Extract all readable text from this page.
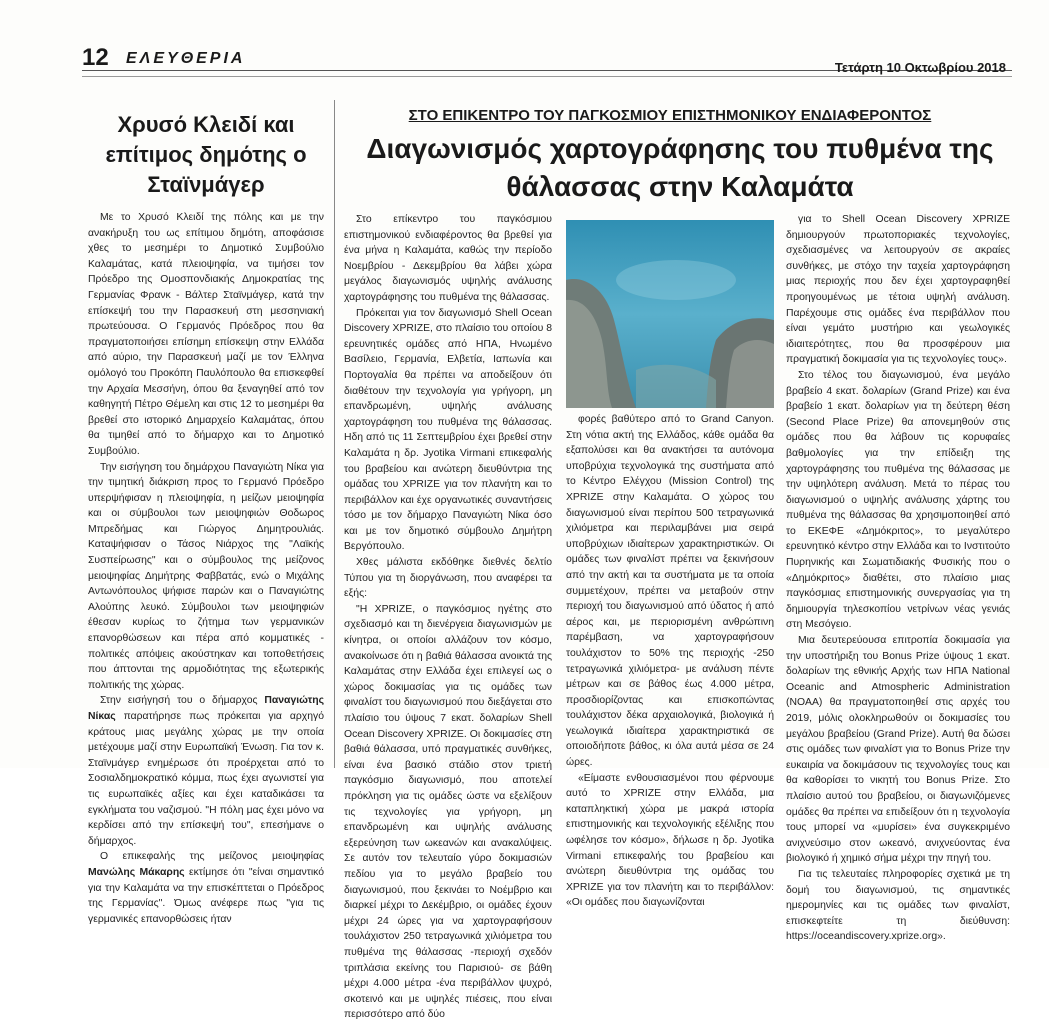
12 ΕΛΕΥΘΕΡΙΑ
Τετάρτη 10 Οκτωβρίου 2018
Χρυσό Κλειδί και επίτιμος δημότης ο Σταϊνμάγερ

Με το Χρυσό Κλειδί της πόλης και με την ανακήρυξη του ως επίτιμου δημότη, αποφάσισε χθες το μεσημέρι το Δημοτικό Συμβούλιο Καλαμάτας, κατά πλειοψηφία, να τιμήσει τον Πρόεδρο της Ομοσπονδιακής Δημοκρατίας της Γερμανίας Φρανκ - Βάλτερ Σταϊνμάγερ, κατά την επίσκεψή του την Παρασκευή στη μεσσηνιακή πρωτεύουσα. Ο Γερμανός Πρόεδρος που θα πραγματοποιήσει επίσημη επίσκεψη στην Ελλάδα από αύριο, την Παρασκευή μαζί με τον Έλληνα ομόλογό του Προκόπη Παυλόπουλο θα επισκεφθεί την Αρχαία Μεσσήνη, όπου θα ξεναγηθεί από τον καθηγητή Πέτρο Θέμελη και στις 12 το μεσημέρι θα βρεθεί στο ιστορικό Δημαρχείο Καλαμάτας, όπου θα τιμηθεί από το δήμαρχο και το Δημοτικό Συμβούλιο.

Την εισήγηση του δημάρχου Παναγιώτη Νίκα για την τιμητική διάκριση προς το Γερμανό Πρόεδρο υπερψήφισαν η πλειοψηφία, η μείζων μειοψηφία και οι σύμβουλοι των μειοψηφιών Θοδωρος Μπρεδήμας και Γιώργος Δημητρουλιάς. Καταψήφισαν ο Τάσος Νιάρχος της "Λαϊκής Συσπείρωσης" και ο σύμβουλος της μείζονος μειοψηφίας Δημήτρης Φαββατάς, ενώ ο Μιχάλης Αντωνόπουλος ψήφισε παρών και ο Παναγιώτης Αλούπης λευκό. Σύμβουλοι των μειοψηφιών έθεσαν κυρίως το ζήτημα των γερμανικών επανορθώσεων και πέρα από κομματικές - πολιτικές απόψεις ακούστηκαν και τοποθετήσεις που άπτονται της αρμοδιότητας της εξωτερικής πολιτικής της χώρας.

Στην εισήγησή του ο δήμαρχος Παναγιώτης Νίκας παρατήρησε πως πρόκειται για αρχηγό κράτους μιας μεγάλης χώρας με την οποία μετέχουμε μαζί στην Ευρωπαϊκή Ένωση. Για τον κ. Σταϊνμάγερ ενημέρωσε ότι προέρχεται από το Σοσιαλδημοκρατικό κόμμα, πως έχει αγωνιστεί για τις ευρωπαϊκές αξίες και έχει καταδικάσει τα εγκλήματα του ναζισμού. "Η πόλη μας έχει μόνο να κερδίσει από την επίσκεψή του", επεσήμανε ο δήμαρχος.

Ο επικεφαλής της μείζονος μειοψηφίας Μανώλης Μάκαρης εκτίμησε ότι "είναι σημαντικό για την Καλαμάτα να την επισκέπτεται ο Πρόεδρος της Γερμανίας". Όμως ανέφερε πως "για τις γερμανικές επανορθώσεις ήταν

ΣΤΟ ΕΠΙΚΕΝΤΡΟ ΤΟΥ ΠΑΓΚΟΣΜΙΟΥ ΕΠΙΣΤΗΜΟΝΙΚΟΥ ΕΝΔΙΑΦΕΡΟΝΤΟΣ
Διαγωνισμός χαρτογράφησης του πυθμένα της θάλασσας στην Καλαμάτα

Στο επίκεντρο του παγκόσμιου επιστημονικού ενδιαφέροντος θα βρεθεί για ένα μήνα η Καλαμάτα, καθώς την περίοδο Νοεμβρίου - Δεκεμβρίου θα λάβει χώρα μεγάλος διαγωνισμός υψηλής ανάλυσης χαρτογράφησης του πυθμένα της θάλασσας.

Πρόκειται για τον διαγωνισμό Shell Ocean Discovery XPRIZE, στο πλαίσιο του οποίου 8 ερευνητικές ομάδες από ΗΠΑ, Ηνωμένο Βασίλειο, Γερμανία, Ελβετία, Ιαπωνία και Πορτογαλία θα πρέπει να αποδείξουν ότι διαθέτουν την τεχνολογία για γρήγορη, μη επανδρωμένη, υψηλής ανάλυσης χαρτογράφηση του πυθμένα της θάλασσας. Ηδη από τις 11 Σεπτεμβρίου έχει βρεθεί στην Καλαμάτα η δρ. Jyotika Virmani επικεφαλής του βραβείου και ανώτερη διευθύντρια της ομάδας του XPRIZE για τον πλανήτη και το περιβάλλον και έχε οργανωτικές συναντήσεις τόσο με τον δήμαρχο Παναγιώτη Νίκα όσο και με τον δημοτικό σύμβουλο Δημήτρη Βεργόπουλο.

Χθες μάλιστα εκδόθηκε διεθνές δελτίο Τύπου για τη διοργάνωση, που αναφέρει τα εξής:

"Η XPRIZE, ο παγκόσμιος ηγέτης στο σχεδιασμό και τη διενέργεια διαγωνισμών με κίνητρα, οι οποίοι αλλάζουν τον κόσμο, ανακοίνωσε ότι η βαθιά θάλασσα ανοικτά της Καλαμάτας στην Ελλάδα έχει επιλεγεί ως ο χώρος δοκιμασίας για τις ομάδες των φιναλίστ του διαγωνισμού που διεξάγεται στο πλαίσιο του ύψους 7 εκατ. δολαρίων Shell Ocean Discovery XPRIZE. Οι δοκιμασίες στη βαθιά θάλασσα, υπό πραγματικές συνθήκες, είναι ένα βασικό στάδιο στον τριετή παγκόσμιο διαγωνισμό, που αποτελεί πρόκληση για τις ομάδες ώστε να εξελίξουν τις τεχνολογίες για γρήγορη, μη επανδρωμένη και υψηλής ανάλυσης εξερεύνηση των ωκεανών και ανακαλύψεις. Σε αυτόν τον τελευταίο γύρο δοκιμασιών πεδίου για το μεγάλο βραβείο του διαγωνισμού, που ξεκινάει το Νοέμβριο και διαρκεί μέχρι το Δεκέμβριο, οι ομάδες έχουν μέχρι 24 ώρες για να χαρτογραφήσουν τουλάχιστον 250 τετραγωνικά χιλιόμετρα του πυθμένα της θάλασσας -περιοχή σχεδόν τριπλάσια εκείνης του Παρισιού- σε βάθη μέχρι 4.000 μέτρα -ένα περιβάλλον ψυχρό, σκοτεινό και με υψηλές πιέσεις, που είναι περισσότερο από δύο

φορές βαθύτερο από το Grand Canyon. Στη νότια ακτή της Ελλάδος, κάθε ομάδα θα εξαπολύσει και θα ανακτήσει τα αυτόνομα υποβρύχια τεχνολογικά της συστήματα από το Κέντρο Ελέγχου (Mission Control) της XPRIZE στην Καλαμάτα. Ο χώρος του διαγωνισμού είναι περίπου 500 τετραγωνικά χιλιόμετρα και περιλαμβάνει μια σειρά υποβρύχιων ιδιαίτερων χαρακτηριστικών. Οι ομάδες των φιναλίστ πρέπει να ξεκινήσουν από την ακτή και τα συστήματα με τα οποία συμμετέχουν, πρέπει να μεταβούν στην περιοχή του διαγωνισμού από ύδατος ή από αέρος και, με περιορισμένη ανθρώπινη παρέμβαση, να χαρτογραφήσουν τουλάχιστον το 50% της περιοχής -250 τετραγωνικά χιλιόμετρα- με ανάλυση πέντε μέτρων και σε βάθος έως 4.000 μέτρα, προσδιορίζοντας και επισκοπώντας τουλάχιστον δέκα αρχαιολογικά, βιολογικά ή γεωλογικά ιδιαίτερα χαρακτηριστικά σε οποιοδήποτε βάθος, κι όλα αυτά μέσα σε 24 ώρες.

«Είμαστε ενθουσιασμένοι που φέρνουμε αυτό το XPRIZE στην Ελλάδα, μια καταπληκτική χώρα με μακρά ιστορία επιστημονικής και τεχνολογικής εξέλιξης που ωφέλησε τον κόσμο», δήλωσε η δρ. Jyotika Virmani επικεφαλής του βραβείου και ανώτερη διευθύντρια της ομάδας του XPRIZE για τον πλανήτη και το περιβάλλον: «Οι ομάδες που διαγωνίζονται

για το Shell Ocean Discovery XPRIZE δημιουργούν πρωτοποριακές τεχνολογίες, σχεδιασμένες να λειτουργούν σε ακραίες συνθήκες, με στόχο την ταχεία χαρτογράφηση μιας περιοχής που δεν έχει χαρτογραφηθεί προηγουμένως με τέτοια υψηλή ανάλυση. Παρέχουμε στις ομάδες ένα περιβάλλον που είναι γεμάτο μυστήριο και γεωλογικές ιδιαιτερότητες, που θα προσφέρουν μια πραγματική δοκιμασία για τις τεχνολογίες τους».

Στο τέλος του διαγωνισμού, ένα μεγάλο βραβείο 4 εκατ. δολαρίων (Grand Prize) και ένα βραβείο 1 εκατ. δολαρίων για τη δεύτερη θέση (Second Place Prize) θα απονεμηθούν στις ομάδες που θα λάβουν τις κορυφαίες βαθμολογίες για την επίδειξη της χαρτογράφησης του πυθμένα της θάλασσας με την υψηλότερη ανάλυση. Μετά το πέρας του διαγωνισμού ο υψηλής ανάλυσης χάρτης του πυθμένα της θάλασσας θα χρησιμοποιηθεί από το ΕΚΕΦΕ «Δημόκριτος», το μεγαλύτερο ερευνητικό κέντρο στην Ελλάδα και το Ινστιτούτο Πυρηνικής και Σωματιδιακής Φυσικής που ο «Δημόκριτος» διαθέτει, στο πλαίσιο μιας παγκόσμιας επιστημονικής συνεργασίας για τη δημιουργία τηλεσκοπίου νετρίνων νέας γενιάς στη Μεσόγειο.

Μια δευτερεύουσα επιτροπία δοκιμασία για την υποστήριξη του Bonus Prize ύψους 1 εκατ. δολαρίων της εθνικής Αρχής των ΗΠΑ National Oceanic and Atmospheric Administration (NOAA) θα πραγματοποιηθεί στις αρχές του 2019, μόλις ολοκληρωθούν οι δοκιμασίες του μεγάλου βραβείου (Grand Prize). Αυτή θα δώσει στις ομάδες των φιναλίστ για το Bonus Prize την ευκαιρία να δοκιμάσουν τις τεχνολογίες τους και θα καθορίσει το νικητή του Bonus Prize. Στο πλαίσιο αυτού του βραβείου, οι διαγωνιζόμενες ομάδες θα πρέπει να επιδείξουν ότι η τεχνολογία τους μπορεί να «μυρίσει» ένα συγκεκριμένο ανιχνεύσιμο στον ωκεανό, ανιχνεύοντας ένα βιολογικό ή χημικό σήμα μέχρι την πηγή του.

Για τις τελευταίες πληροφορίες σχετικά με τη δομή του διαγωνισμού, τις σημαντικές ημερομηνίες και τις ομάδες των φιναλίστ, επισκεφτείτε τη διεύθυνση: https://oceandiscovery.xprize.org».
